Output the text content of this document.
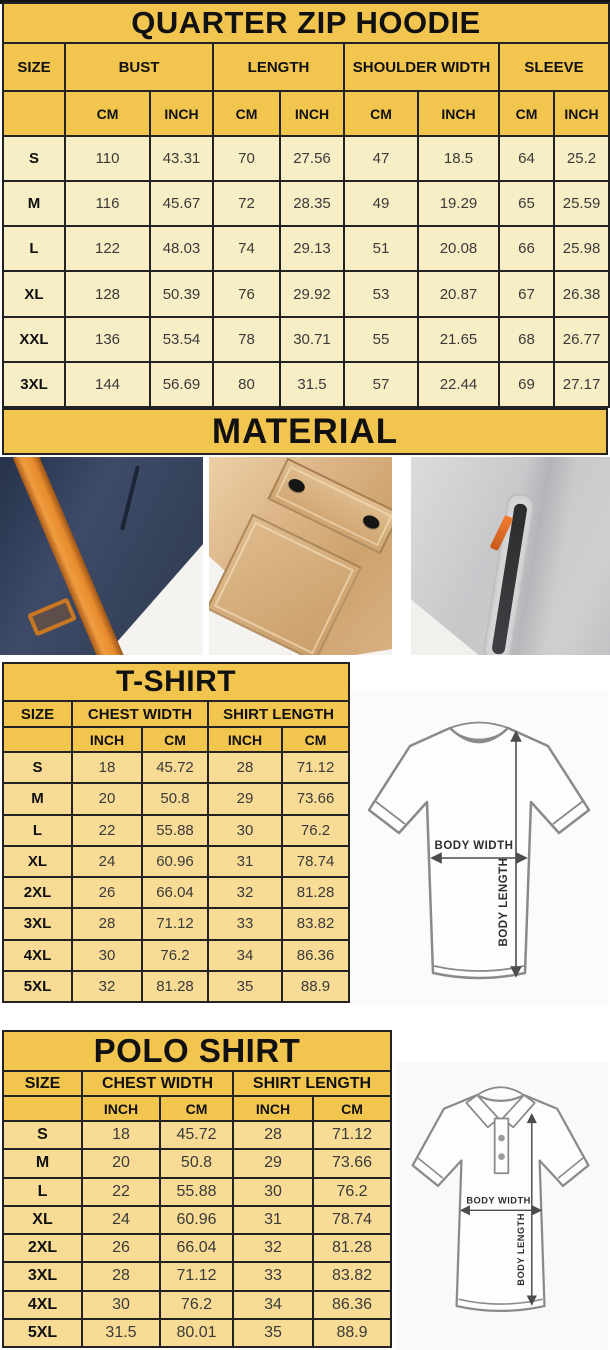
QUARTER ZIP HOODIE								
SIZE	BUST		LENGTH		SHOULDER WIDTH		SLEEVE	
	CM	INCH	CM	INCH	CM	INCH	CM	INCH
S	110	43.31	70	27.56	47	18.5	64	25.2
M	116	45.67	72	28.35	49	19.29	65	25.59
L	122	48.03	74	29.13	51	20.08	66	25.98
XL	128	50.39	76	29.92	53	20.87	67	26.38
XXL	136	53.54	78	30.71	55	21.65	68	26.77
3XL	144	56.69	80	31.5	57	22.44	69	27.17
MATERIAL
T-SHIRT				
SIZE	CHEST WIDTH		SHIRT LENGTH	
	INCH	CM	INCH	CM
S	18	45.72	28	71.12
M	20	50.8	29	73.66
L	22	55.88	30	76.2
XL	24	60.96	31	78.74
2XL	26	66.04	32	81.28
3XL	28	71.12	33	83.82
4XL	30	76.2	34	86.36
5XL	32	81.28	35	88.9
BODY WIDTH
BODY LENGTH
POLO SHIRT				
SIZE	CHEST WIDTH		SHIRT LENGTH	
	INCH	CM	INCH	CM
S	18	45.72	28	71.12
M	20	50.8	29	73.66
L	22	55.88	30	76.2
XL	24	60.96	31	78.74
2XL	26	66.04	32	81.28
3XL	28	71.12	33	83.82
4XL	30	76.2	34	86.36
5XL	31.5	80.01	35	88.9
BODY WIDTH
BODY LENGTH
